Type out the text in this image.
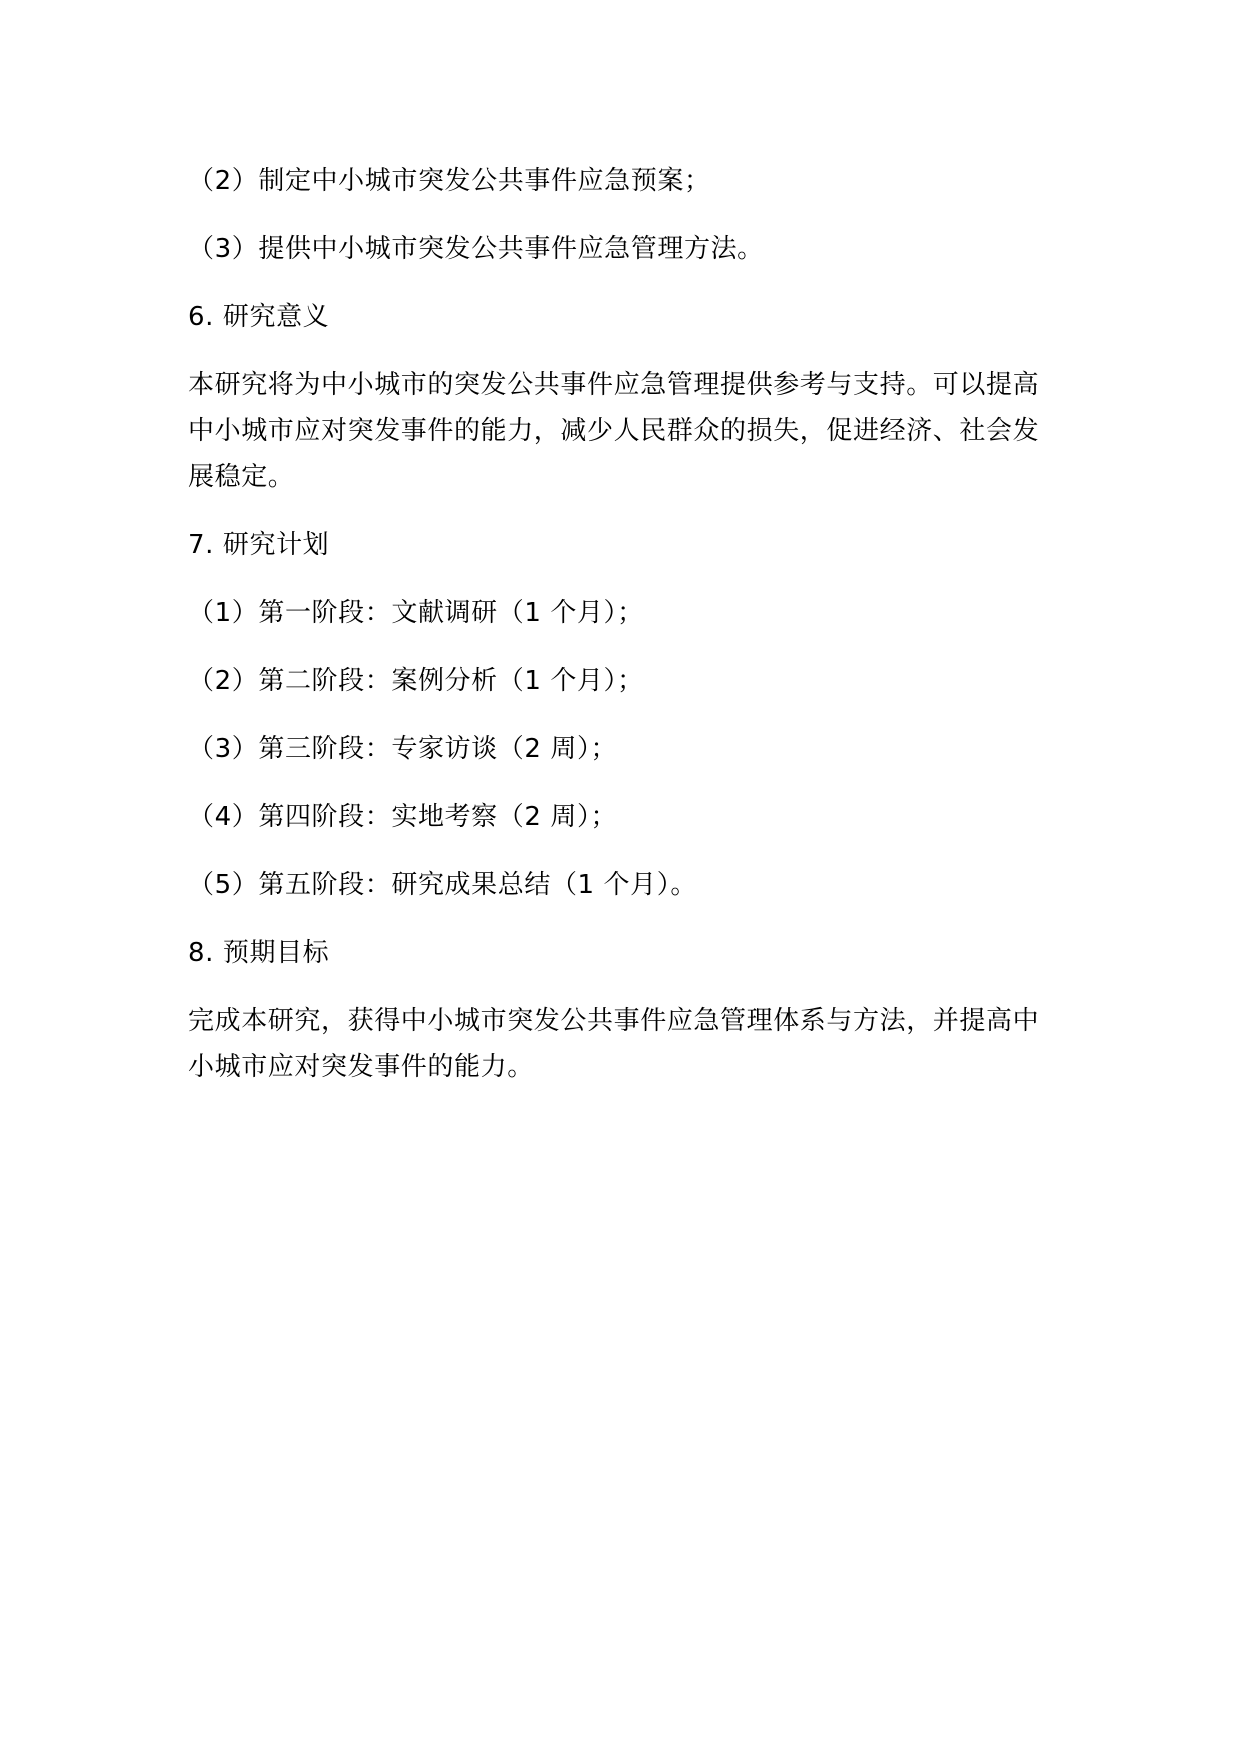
（2）制定中小城市突发公共事件应急预案；

（3）提供中小城市突发公共事件应急管理方法。

6. 研究意义

本研究将为中小城市的突发公共事件应急管理提供参考与支持。可以提高中小城市应对突发事件的能力，减少人民群众的损失，促进经济、社会发展稳定。

7. 研究计划

（1）第一阶段：文献调研（1 个月）；

（2）第二阶段：案例分析（1 个月）；

（3）第三阶段：专家访谈（2 周）；

（4）第四阶段：实地考察（2 周）；

（5）第五阶段：研究成果总结（1 个月）。

8. 预期目标

完成本研究，获得中小城市突发公共事件应急管理体系与方法，并提高中小城市应对突发事件的能力。
